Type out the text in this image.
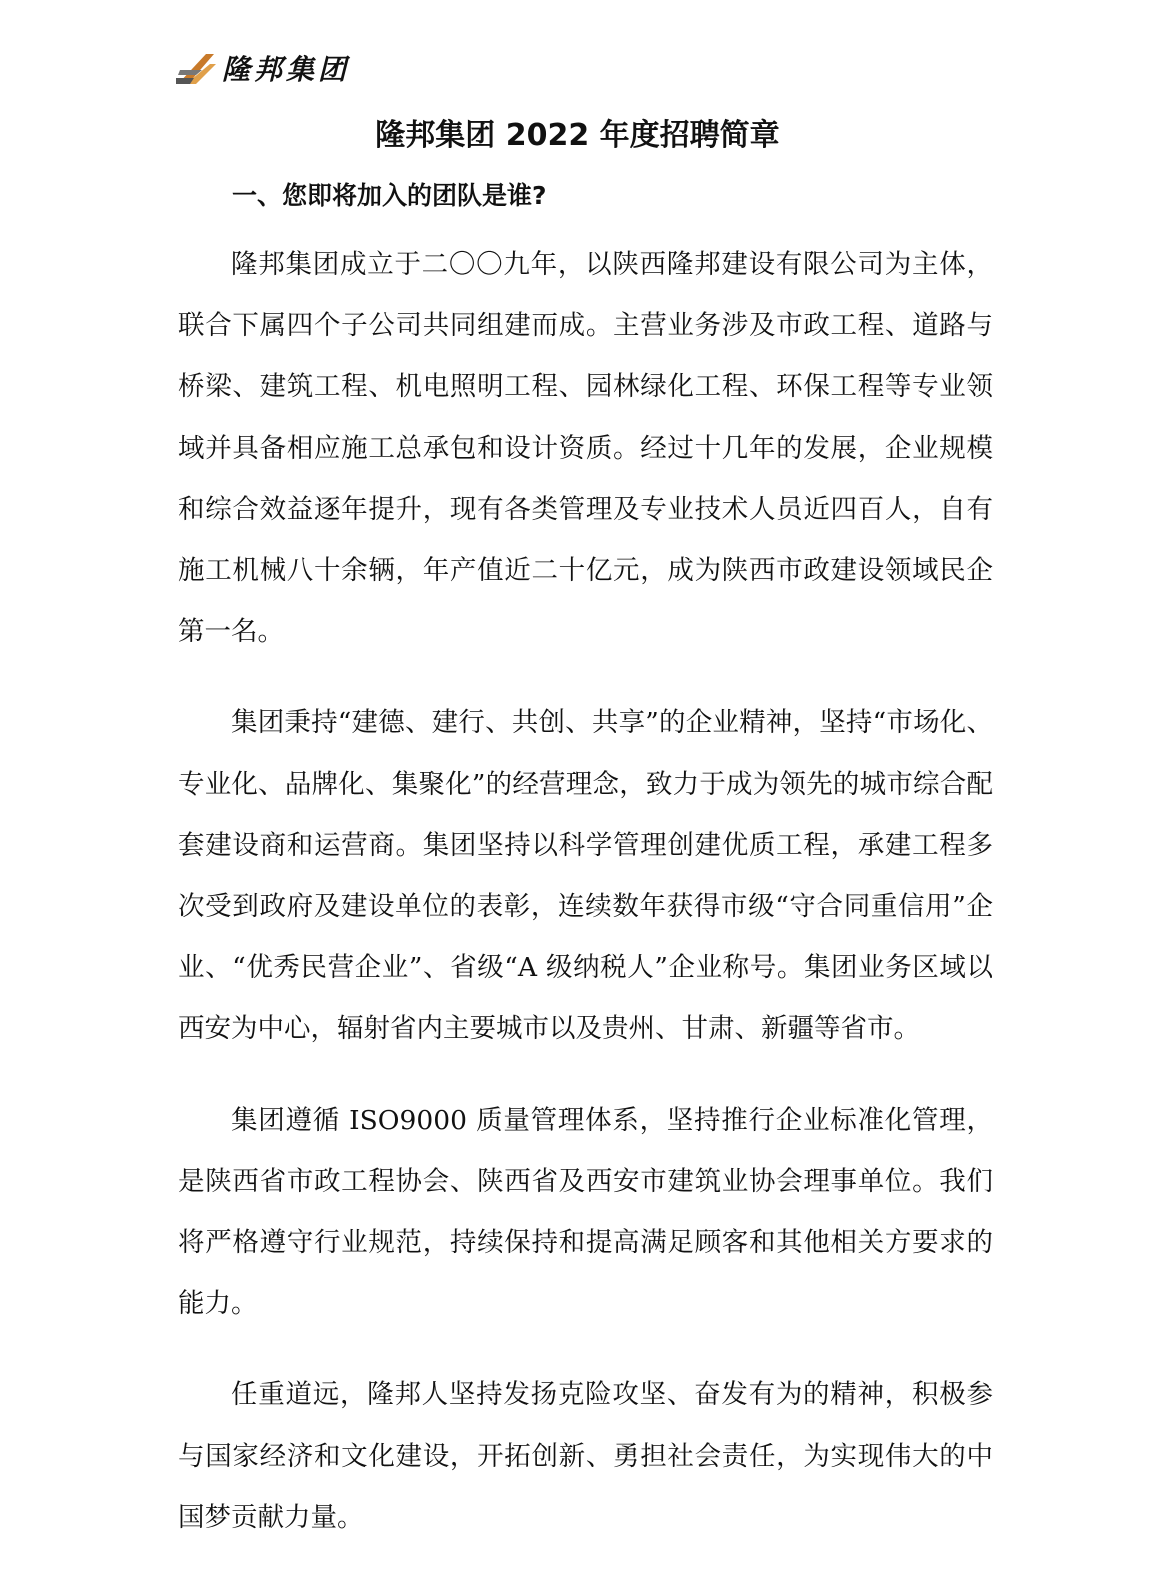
隆邦集团
隆邦集团 2022 年度招聘简章
一、您即将加入的团队是谁?

隆邦集团成立于二〇〇九年，以陕西隆邦建设有限公司为主体，联合下属四个子公司共同组建而成。主营业务涉及市政工程、道路与桥梁、建筑工程、机电照明工程、园林绿化工程、环保工程等专业领域并具备相应施工总承包和设计资质。经过十几年的发展，企业规模和综合效益逐年提升，现有各类管理及专业技术人员近四百人，自有施工机械八十余辆，年产值近二十亿元，成为陕西市政建设领域民企第一名。

集团秉持“建德、建行、共创、共享”的企业精神，坚持“市场化、专业化、品牌化、集聚化”的经营理念，致力于成为领先的城市综合配套建设商和运营商。集团坚持以科学管理创建优质工程，承建工程多次受到政府及建设单位的表彰，连续数年获得市级“守合同重信用”企业、“优秀民营企业”、省级“A 级纳税人”企业称号。集团业务区域以西安为中心，辐射省内主要城市以及贵州、甘肃、新疆等省市。

集团遵循 ISO9000 质量管理体系，坚持推行企业标准化管理，是陕西省市政工程协会、陕西省及西安市建筑业协会理事单位。我们将严格遵守行业规范，持续保持和提高满足顾客和其他相关方要求的能力。

任重道远，隆邦人坚持发扬克险攻坚、奋发有为的精神，积极参与国家经济和文化建设，开拓创新、勇担社会责任，为实现伟大的中国梦贡献力量。
